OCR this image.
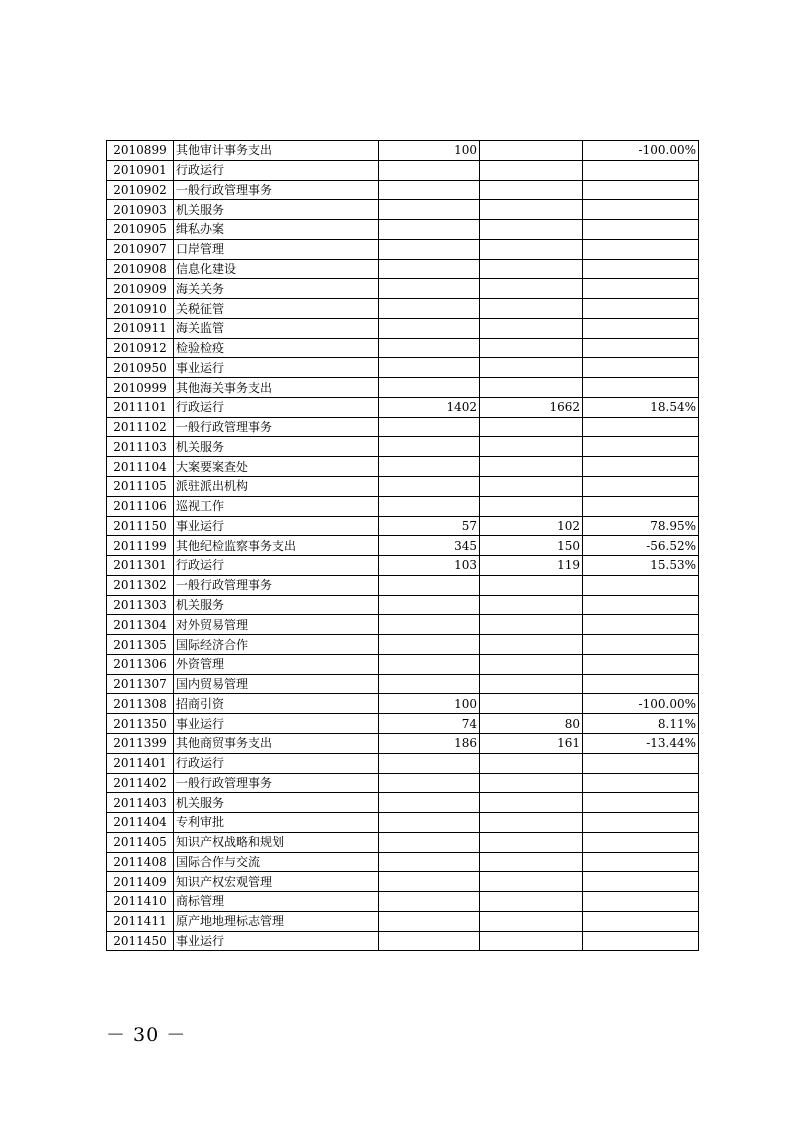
2010899	其他审计事务支出	100		-100.00%
2010901	行政运行			
2010902	一般行政管理事务			
2010903	机关服务			
2010905	缉私办案			
2010907	口岸管理			
2010908	信息化建设			
2010909	海关关务			
2010910	关税征管			
2010911	海关监管			
2010912	检验检疫			
2010950	事业运行			
2010999	其他海关事务支出			
2011101	行政运行	1402	1662	18.54%
2011102	一般行政管理事务			
2011103	机关服务			
2011104	大案要案查处			
2011105	派驻派出机构			
2011106	巡视工作			
2011150	事业运行	57	102	78.95%
2011199	其他纪检监察事务支出	345	150	-56.52%
2011301	行政运行	103	119	15.53%
2011302	一般行政管理事务			
2011303	机关服务			
2011304	对外贸易管理			
2011305	国际经济合作			
2011306	外资管理			
2011307	国内贸易管理			
2011308	招商引资	100		-100.00%
2011350	事业运行	74	80	8.11%
2011399	其他商贸事务支出	186	161	-13.44%
2011401	行政运行			
2011402	一般行政管理事务			
2011403	机关服务			
2011404	专利审批			
2011405	知识产权战略和规划			
2011408	国际合作与交流			
2011409	知识产权宏观管理			
2011410	商标管理			
2011411	原产地地理标志管理			
2011450	事业运行			
－ 30 －
